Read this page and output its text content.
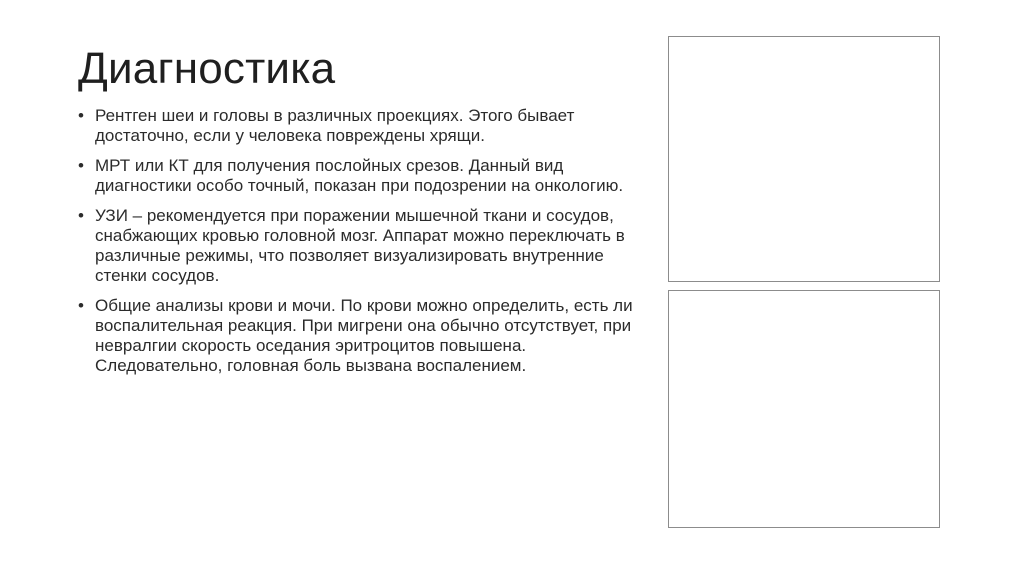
Диагностика
• Рентген шеи и головы в различных проекциях. Этого бывает достаточно, если у человека повреждены хрящи.
• МРТ или КТ для получения послойных срезов. Данный вид диагностики особо точный, показан при подозрении на онкологию.
• УЗИ – рекомендуется при поражении мышечной ткани и сосудов, снабжающих кровью головной мозг. Аппарат можно переключать в различные режимы, что позволяет визуализировать внутренние стенки сосудов.
• Общие анализы крови и мочи. По крови можно определить, есть ли воспалительная реакция. При мигрени она обычно отсутствует, при невралгии скорость оседания эритроцитов повышена. Следовательно, головная боль вызвана воспалением.
